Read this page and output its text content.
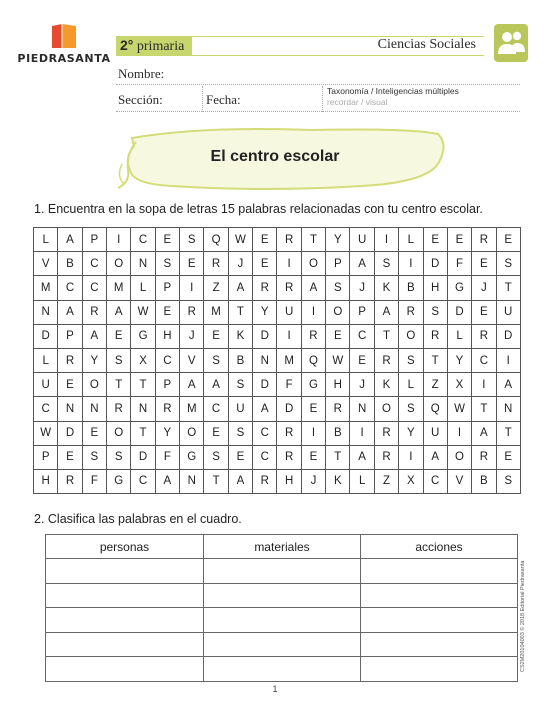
PIEDRASANTA
2° primaria	Ciencias Sociales
Nombre:
Sección:	Fecha:
Taxonomía / Inteligencias múltiples
recordar / visual
El centro escolar
1. Encuentra en la sopa de letras 15 palabras relacionadas con tu centro escolar.
L	A	P	I	C	E	S	Q	W	E	R	T	Y	U	I	L	E	E	R	E
V	B	C	O	N	S	E	R	J	E	I	O	P	A	S	I	D	F	E	S
M	C	C	M	L	P	I	Z	A	R	R	A	S	J	K	B	H	G	J	T
N	A	R	A	W	E	R	M	T	Y	U	I	O	P	A	R	S	D	E	U
D	P	A	E	G	H	J	E	K	D	I	R	E	C	T	O	R	L	R	D
L	R	Y	S	X	C	V	S	B	N	M	Q	W	E	R	S	T	Y	C	I
U	E	O	T	T	P	A	A	S	D	F	G	H	J	K	L	Z	X	I	A
C	N	N	R	N	R	M	C	U	A	D	E	R	N	O	S	Q	W	T	N
W	D	E	O	T	Y	O	E	S	C	R	I	B	I	R	Y	U	I	A	T
P	E	S	S	D	F	G	S	E	C	R	E	T	A	R	I	A	O	R	E
H	R	F	G	C	A	N	T	A	R	H	J	K	L	Z	X	C	V	B	S
2. Clasifica las palabras en el cuadro.
personas	materiales	acciones

CS2M20104003 © 2018 Editorial Piedrasanta
1
